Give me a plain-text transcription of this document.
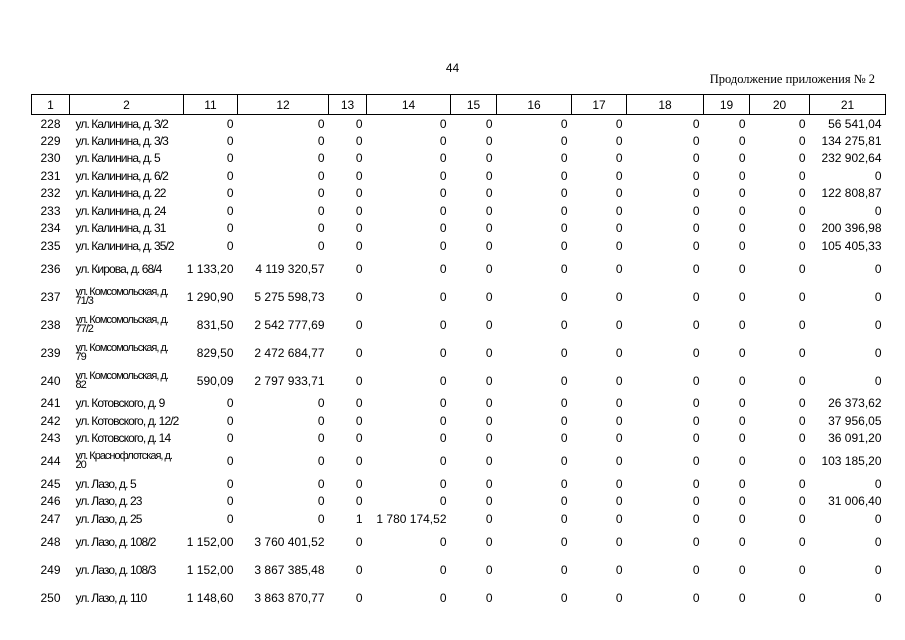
44
Продолжение приложения № 2
1	2	11	12	13	14	15	16	17	18	19	20	21
228	ул. Калинина, д. 3/2	0	0	0	0	0	0	0	0	0	0	56 541,04
229	ул. Калинина, д. 3/3	0	0	0	0	0	0	0	0	0	0	134 275,81
230	ул. Калинина, д. 5	0	0	0	0	0	0	0	0	0	0	232 902,64
231	ул. Калинина, д. 6/2	0	0	0	0	0	0	0	0	0	0	0
232	ул. Калинина, д. 22	0	0	0	0	0	0	0	0	0	0	122 808,87
233	ул. Калинина, д. 24	0	0	0	0	0	0	0	0	0	0	0
234	ул. Калинина, д. 31	0	0	0	0	0	0	0	0	0	0	200 396,98
235	ул. Калинина, д. 35/2	0	0	0	0	0	0	0	0	0	0	105 405,33
236	ул. Кирова, д. 68/4	1 133,20	4 119 320,57	0	0	0	0	0	0	0	0	0
237	ул. Комсомольская, д. 71/3	1 290,90	5 275 598,73	0	0	0	0	0	0	0	0	0
238	ул. Комсомольская, д. 77/2	831,50	2 542 777,69	0	0	0	0	0	0	0	0	0
239	ул. Комсомольская, д. 79	829,50	2 472 684,77	0	0	0	0	0	0	0	0	0
240	ул. Комсомольская, д. 82	590,09	2 797 933,71	0	0	0	0	0	0	0	0	0
241	ул. Котовского, д. 9	0	0	0	0	0	0	0	0	0	0	26 373,62
242	ул. Котовского, д. 12/2	0	0	0	0	0	0	0	0	0	0	37 956,05
243	ул. Котовского, д. 14	0	0	0	0	0	0	0	0	0	0	36 091,20
244	ул. Краснофлотская, д. 20	0	0	0	0	0	0	0	0	0	0	103 185,20
245	ул. Лазо, д. 5	0	0	0	0	0	0	0	0	0	0	0
246	ул. Лазо, д. 23	0	0	0	0	0	0	0	0	0	0	31 006,40
247	ул. Лазо, д. 25	0	0	1	1 780 174,52	0	0	0	0	0	0	0
248	ул. Лазо, д. 108/2	1 152,00	3 760 401,52	0	0	0	0	0	0	0	0	0
249	ул. Лазо, д. 108/3	1 152,00	3 867 385,48	0	0	0	0	0	0	0	0	0
250	ул. Лазо, д. 110	1 148,60	3 863 870,77	0	0	0	0	0	0	0	0	0
